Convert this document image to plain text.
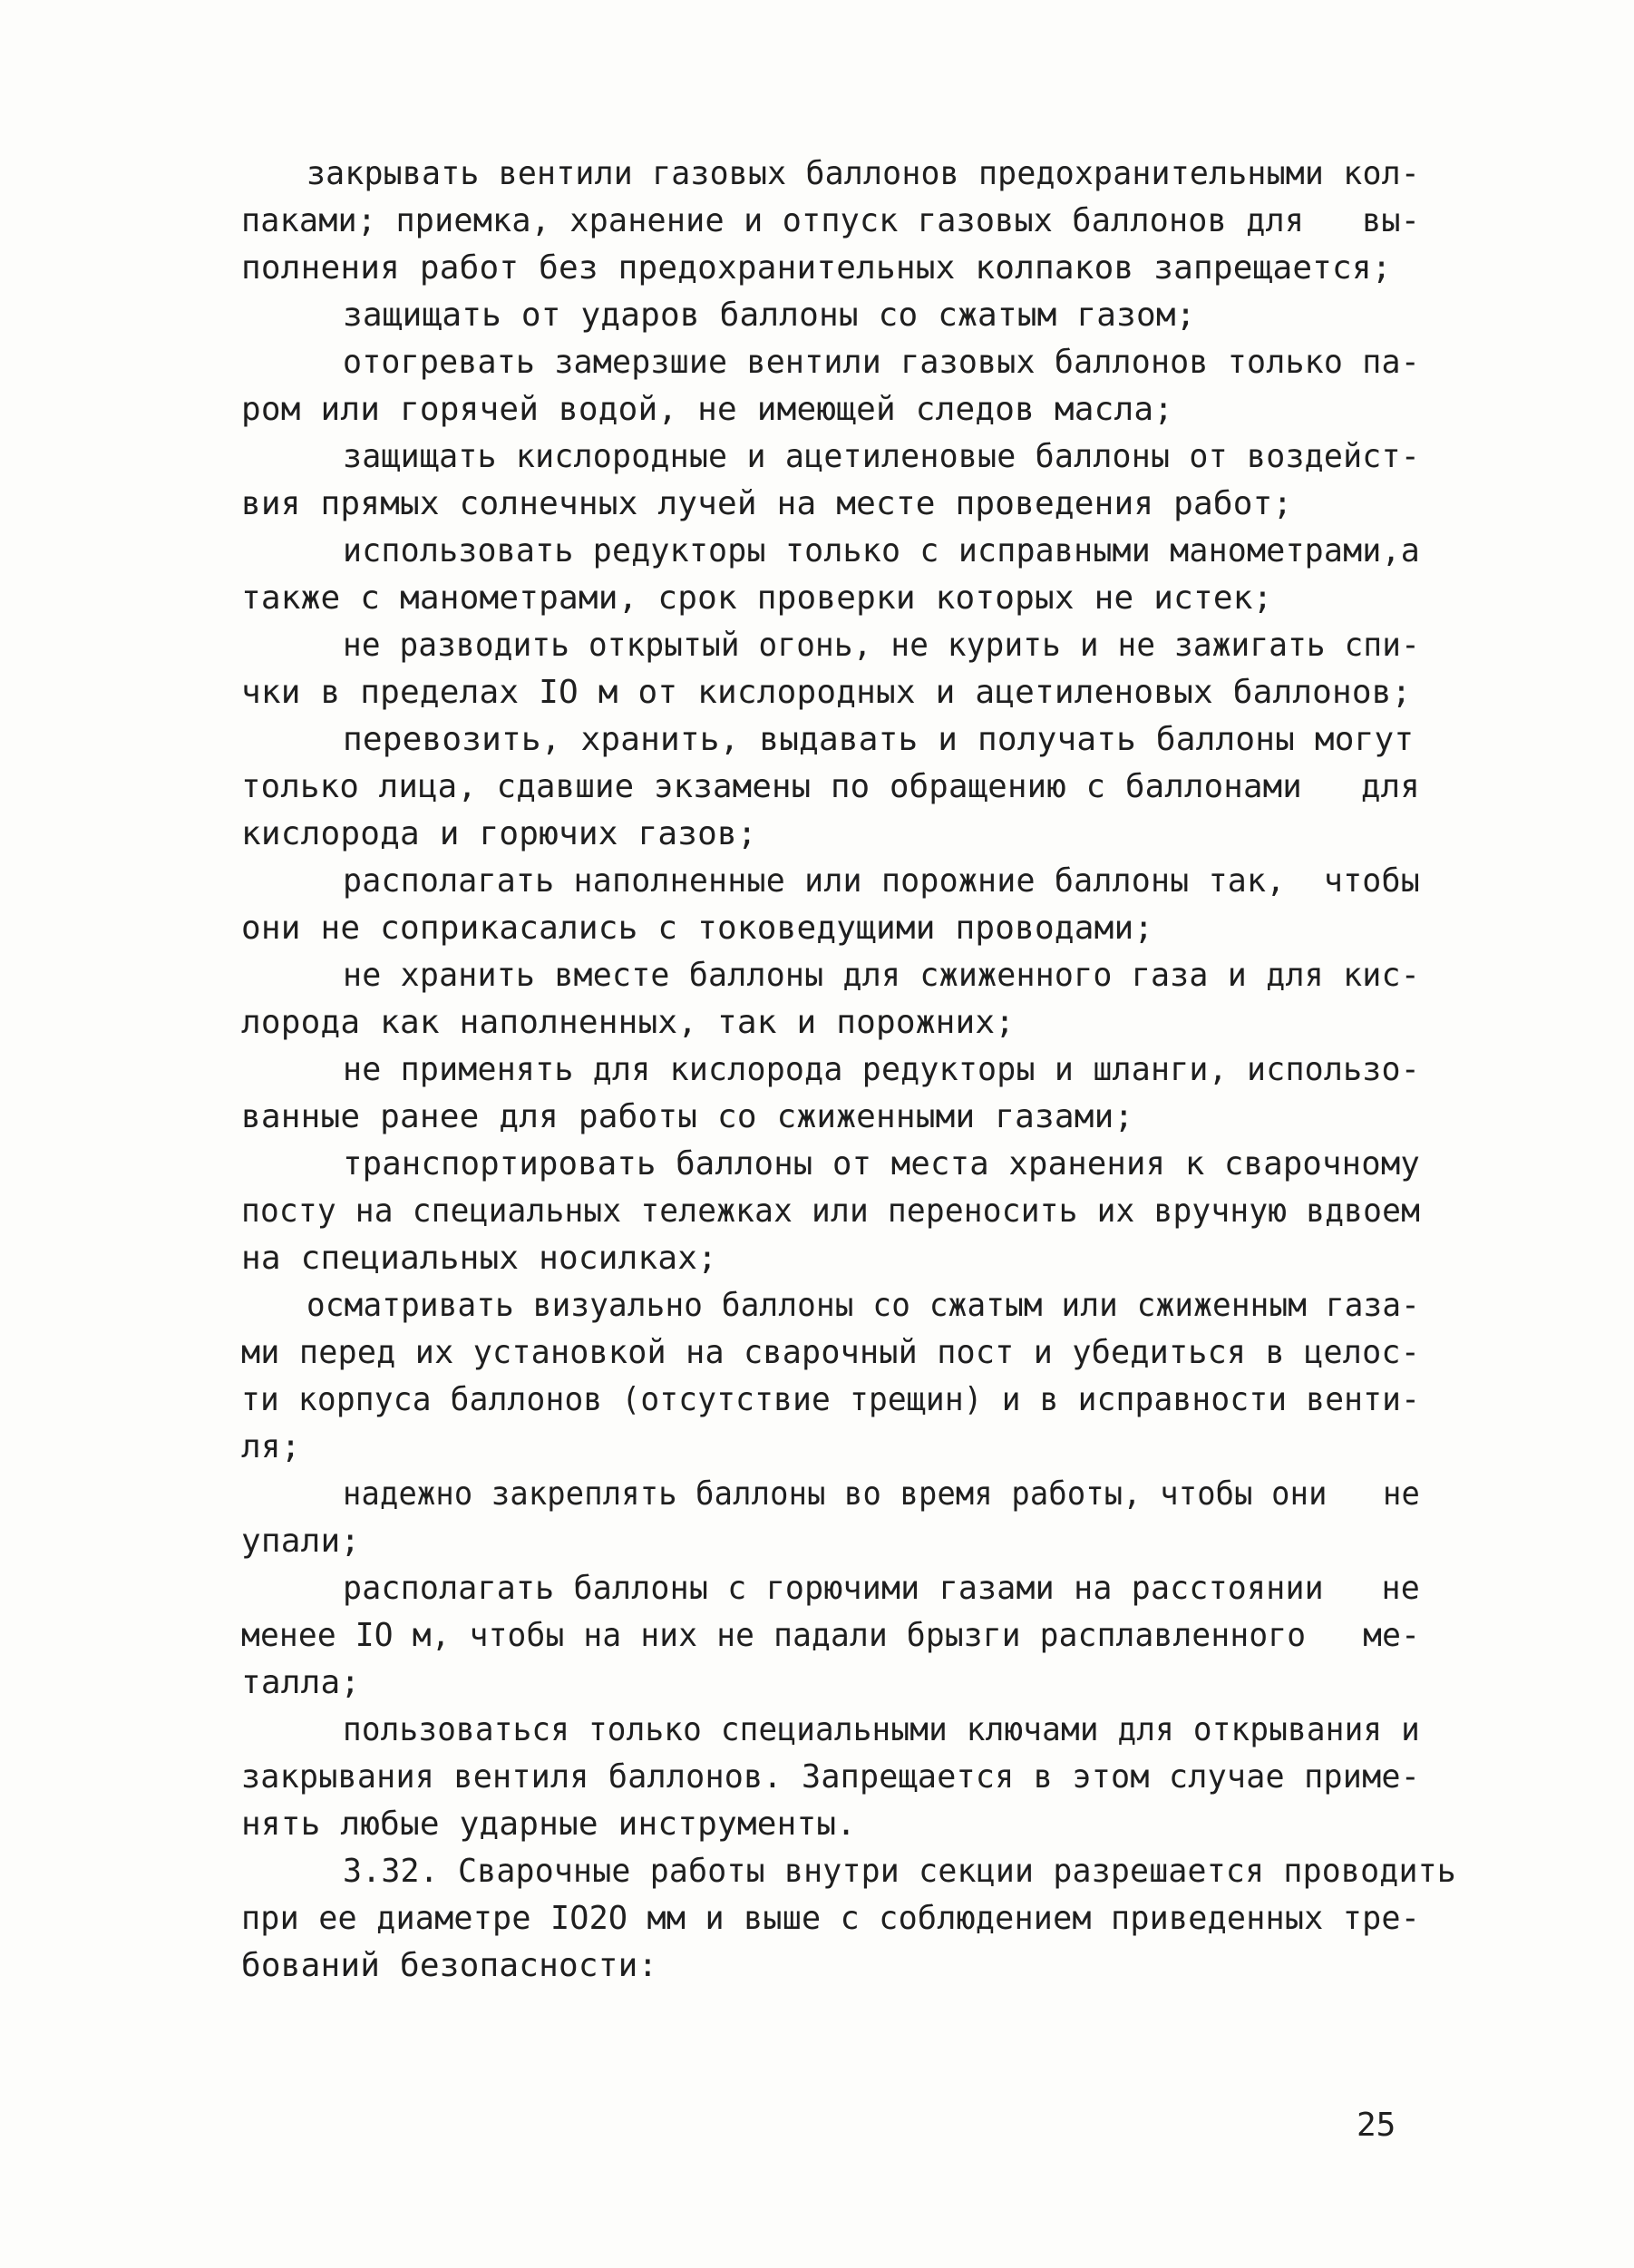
закрывать вентили газовых баллонов предохранительными кол-
паками; приемка, хранение и отпуск газовых баллонов для   вы-
полнения работ без предохранительных колпаков запрещается;
защищать от ударов баллоны со сжатым газом;
отогревать замерзшие вентили газовых баллонов только па-
ром или горячей водой, не имеющей следов масла;
защищать кислородные и ацетиленовые баллоны от воздейст-
вия прямых солнечных лучей на месте проведения работ;
использовать редукторы только с исправными манометрами,а
также с манометрами, срок проверки которых не истек;
не разводить открытый огонь, не курить и не зажигать спи-
чки в пределах IO м от кислородных и ацетиленовых баллонов;
перевозить, хранить, выдавать и получать баллоны могут
только лица, сдавшие экзамены по обращению с баллонами   для
кислорода и горючих газов;
располагать наполненные или порожние баллоны так,  чтобы
они не соприкасались с токоведущими проводами;
не хранить вместе баллоны для сжиженного газа и для кис-
лорода как наполненных, так и порожних;
не применять для кислорода редукторы и шланги, использо-
ванные ранее для работы со сжиженными газами;
транспортировать баллоны от места хранения к сварочному
посту на специальных тележках или переносить их вручную вдвоем
на специальных носилках;
осматривать визуально баллоны со сжатым или сжиженным газа-
ми перед их установкой на сварочный пост и убедиться в целос-
ти корпуса баллонов (отсутствие трещин) и в исправности венти-
ля;
надежно закреплять баллоны во время работы, чтобы они   не
упали;
располагать баллоны с горючими газами на расстоянии   не
менее IO м, чтобы на них не падали брызги расплавленного   ме-
талла;
пользоваться только специальными ключами для открывания и
закрывания вентиля баллонов. Запрещается в этом случае приме-
нять любые ударные инструменты.
3.32. Сварочные работы внутри секции разрешается проводить
при ее диаметре IO2O мм и выше с соблюдением приведенных тре-
бований безопасности:
25
